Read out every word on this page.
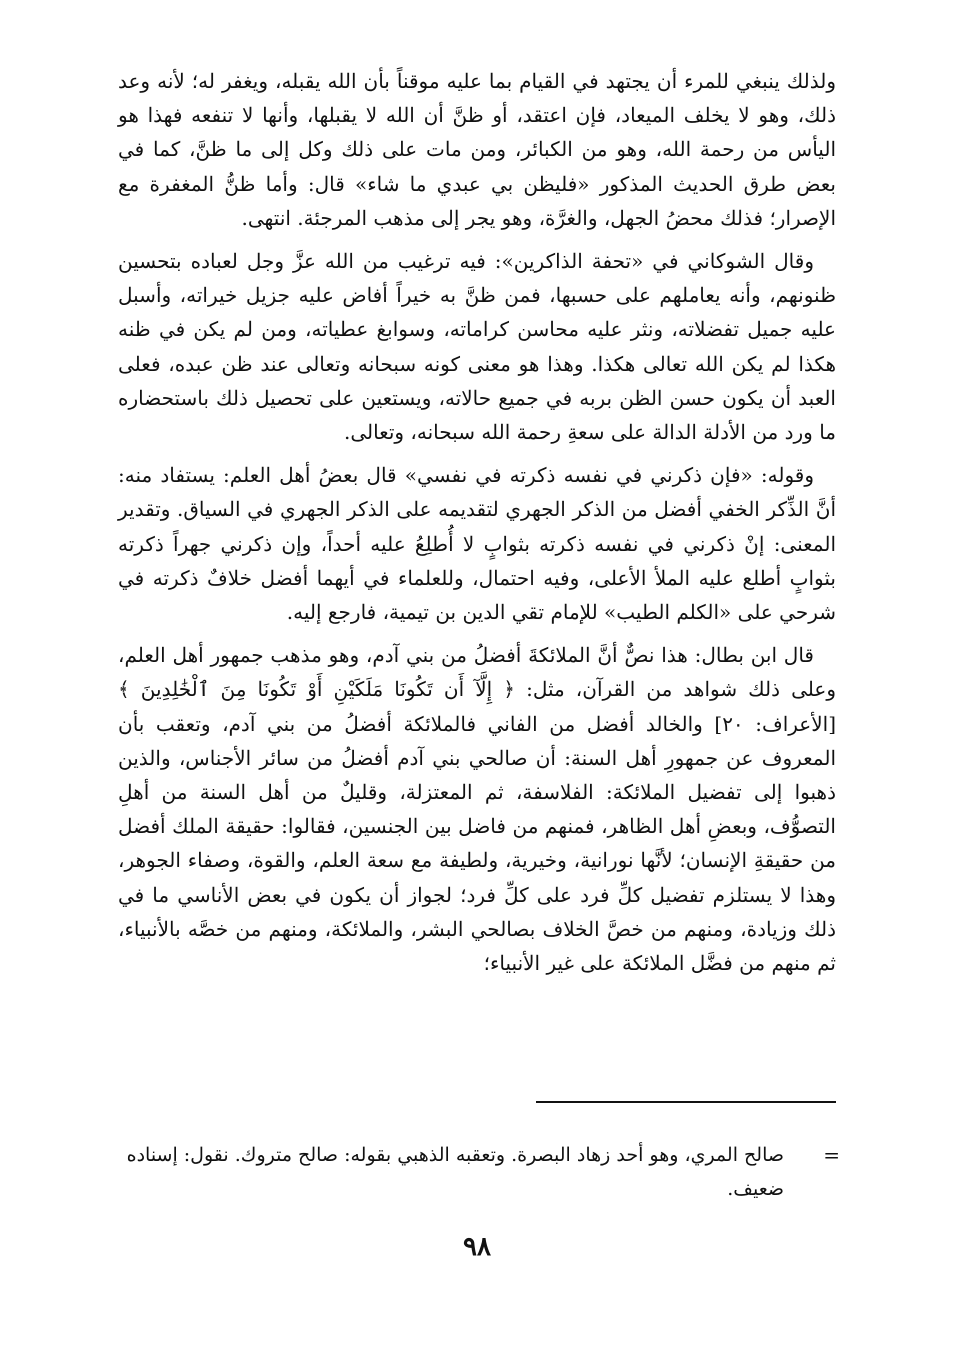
ولذلك ينبغي للمرء أن يجتهد في القيام بما عليه موقناً بأن الله يقبله، ويغفر له؛ لأنه وعد ذلك، وهو لا يخلف الميعاد، فإن اعتقد، أو ظنَّ أن الله لا يقبلها، وأنها لا تنفعه فهذا هو اليأس من رحمة الله، وهو من الكبائر، ومن مات على ذلك وكل إلى ما ظنَّ، كما في بعض طرق الحديث المذكور «فليظن بي عبدي ما شاء» قال: وأما ظنُّ المغفرة مع الإصرار؛ فذلك محضُ الجهل، والغرَّة، وهو يجر إلى مذهب المرجئة. انتهى.

وقال الشوكاني في «تحفة الذاكرين»: فيه ترغيب من الله عزَّ وجل لعباده بتحسين ظنونهم، وأنه يعاملهم على حسبها، فمن ظنَّ به خيراً أفاض عليه جزيل خيراته، وأسبل عليه جميل تفضلاته، ونثر عليه محاسن كراماته، وسوابغ عطياته، ومن لم يكن في ظنه هكذا لم يكن الله تعالى هكذا. وهذا هو معنى كونه سبحانه وتعالى عند ظن عبده، فعلى العبد أن يكون حسن الظن بربه في جميع حالاته، ويستعين على تحصيل ذلك باستحضاره ما ورد من الأدلة الدالة على سعةِ رحمة الله سبحانه، وتعالى.

وقوله: «فإن ذكرني في نفسه ذكرته في نفسي» قال بعضُ أهل العلم: يستفاد منه: أنَّ الذِّكر الخفي أفضل من الذكر الجهري لتقديمه على الذكر الجهري في السياق. وتقدير المعنى: إنْ ذكرني في نفسه ذكرته بثوابٍ لا أُطلِعُ عليه أحداً، وإن ذكرني جهراً ذكرته بثوابٍ أطلع عليه الملأ الأعلى، وفيه احتمال، وللعلماء في أيهما أفضل خلافٌ ذكرته في شرحي على «الكلم الطيب» للإمام تقي الدين بن تيمية، فارجع إليه.

قال ابن بطال: هذا نصٌّ أنَّ الملائكةَ أفضلُ من بني آدم، وهو مذهب جمهور أهل العلم، وعلى ذلك شواهد من القرآن، مثل: ﴿ إِلَّآ أَن تَكُونَا مَلَكَيْنِ أَوْ تَكُونَا مِنَ ٱلْخَٰلِدِينَ ﴾ [الأعراف: ٢٠] والخالد أفضل من الفاني فالملائكة أفضلُ من بني آدم، وتعقب بأن المعروف عن جمهورِ أهل السنة: أن صالحي بني آدم أفضلُ من سائر الأجناس، والذين ذهبوا إلى تفضيل الملائكة: الفلاسفة، ثم المعتزلة، وقليلٌ من أهل السنة من أهلِ التصوُّف، وبعضِ أهل الظاهر، فمنهم من فاضل بين الجنسين، فقالوا: حقيقة الملك أفضل من حقيقةِ الإنسان؛ لأنَّها نورانية، وخيرية، ولطيفة مع سعة العلم، والقوة، وصفاء الجوهر، وهذا لا يستلزم تفضيل كلِّ فرد على كلِّ فرد؛ لجواز أن يكون في بعض الأناسي ما في ذلك وزيادة، ومنهم من خصَّ الخلاف بصالحي البشر، والملائكة، ومنهم من خصَّه بالأنبياء، ثم منهم من فضَّل الملائكة على غير الأنبياء؛

=

صالح المري، وهو أحد زهاد البصرة. وتعقبه الذهبي بقوله: صالح متروك. نقول: إسناده ضعيف.

٩٨
